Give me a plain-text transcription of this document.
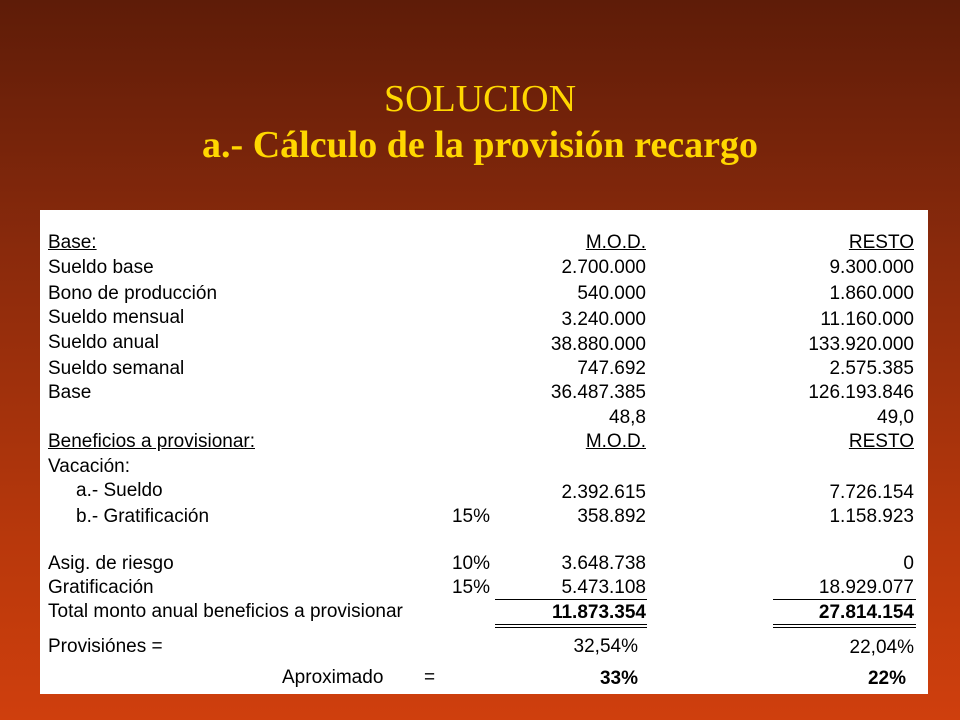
SOLUCION
a.- Cálculo de la provisión recargo
Base:	M.O.D.	RESTO
Sueldo base	2.700.000	9.300.000
Bono de producción	540.000	1.860.000
Sueldo mensual	3.240.000	11.160.000
Sueldo anual	38.880.000	133.920.000
Sueldo semanal	747.692	2.575.385
Base	36.487.385	126.193.846
48,8	49,0
Beneficios a provisionar:	M.O.D.	RESTO
Vacación:
a.- Sueldo	2.392.615	7.726.154
b.- Gratificación	15%	358.892	1.158.923
Asig. de riesgo	10%	3.648.738	0
Gratificación	15%	5.473.108	18.929.077
Total monto anual beneficios a provisionar	11.873.354	27.814.154
Provisiónes =	32,54%	22,04%
Aproximado =	33%	22%
